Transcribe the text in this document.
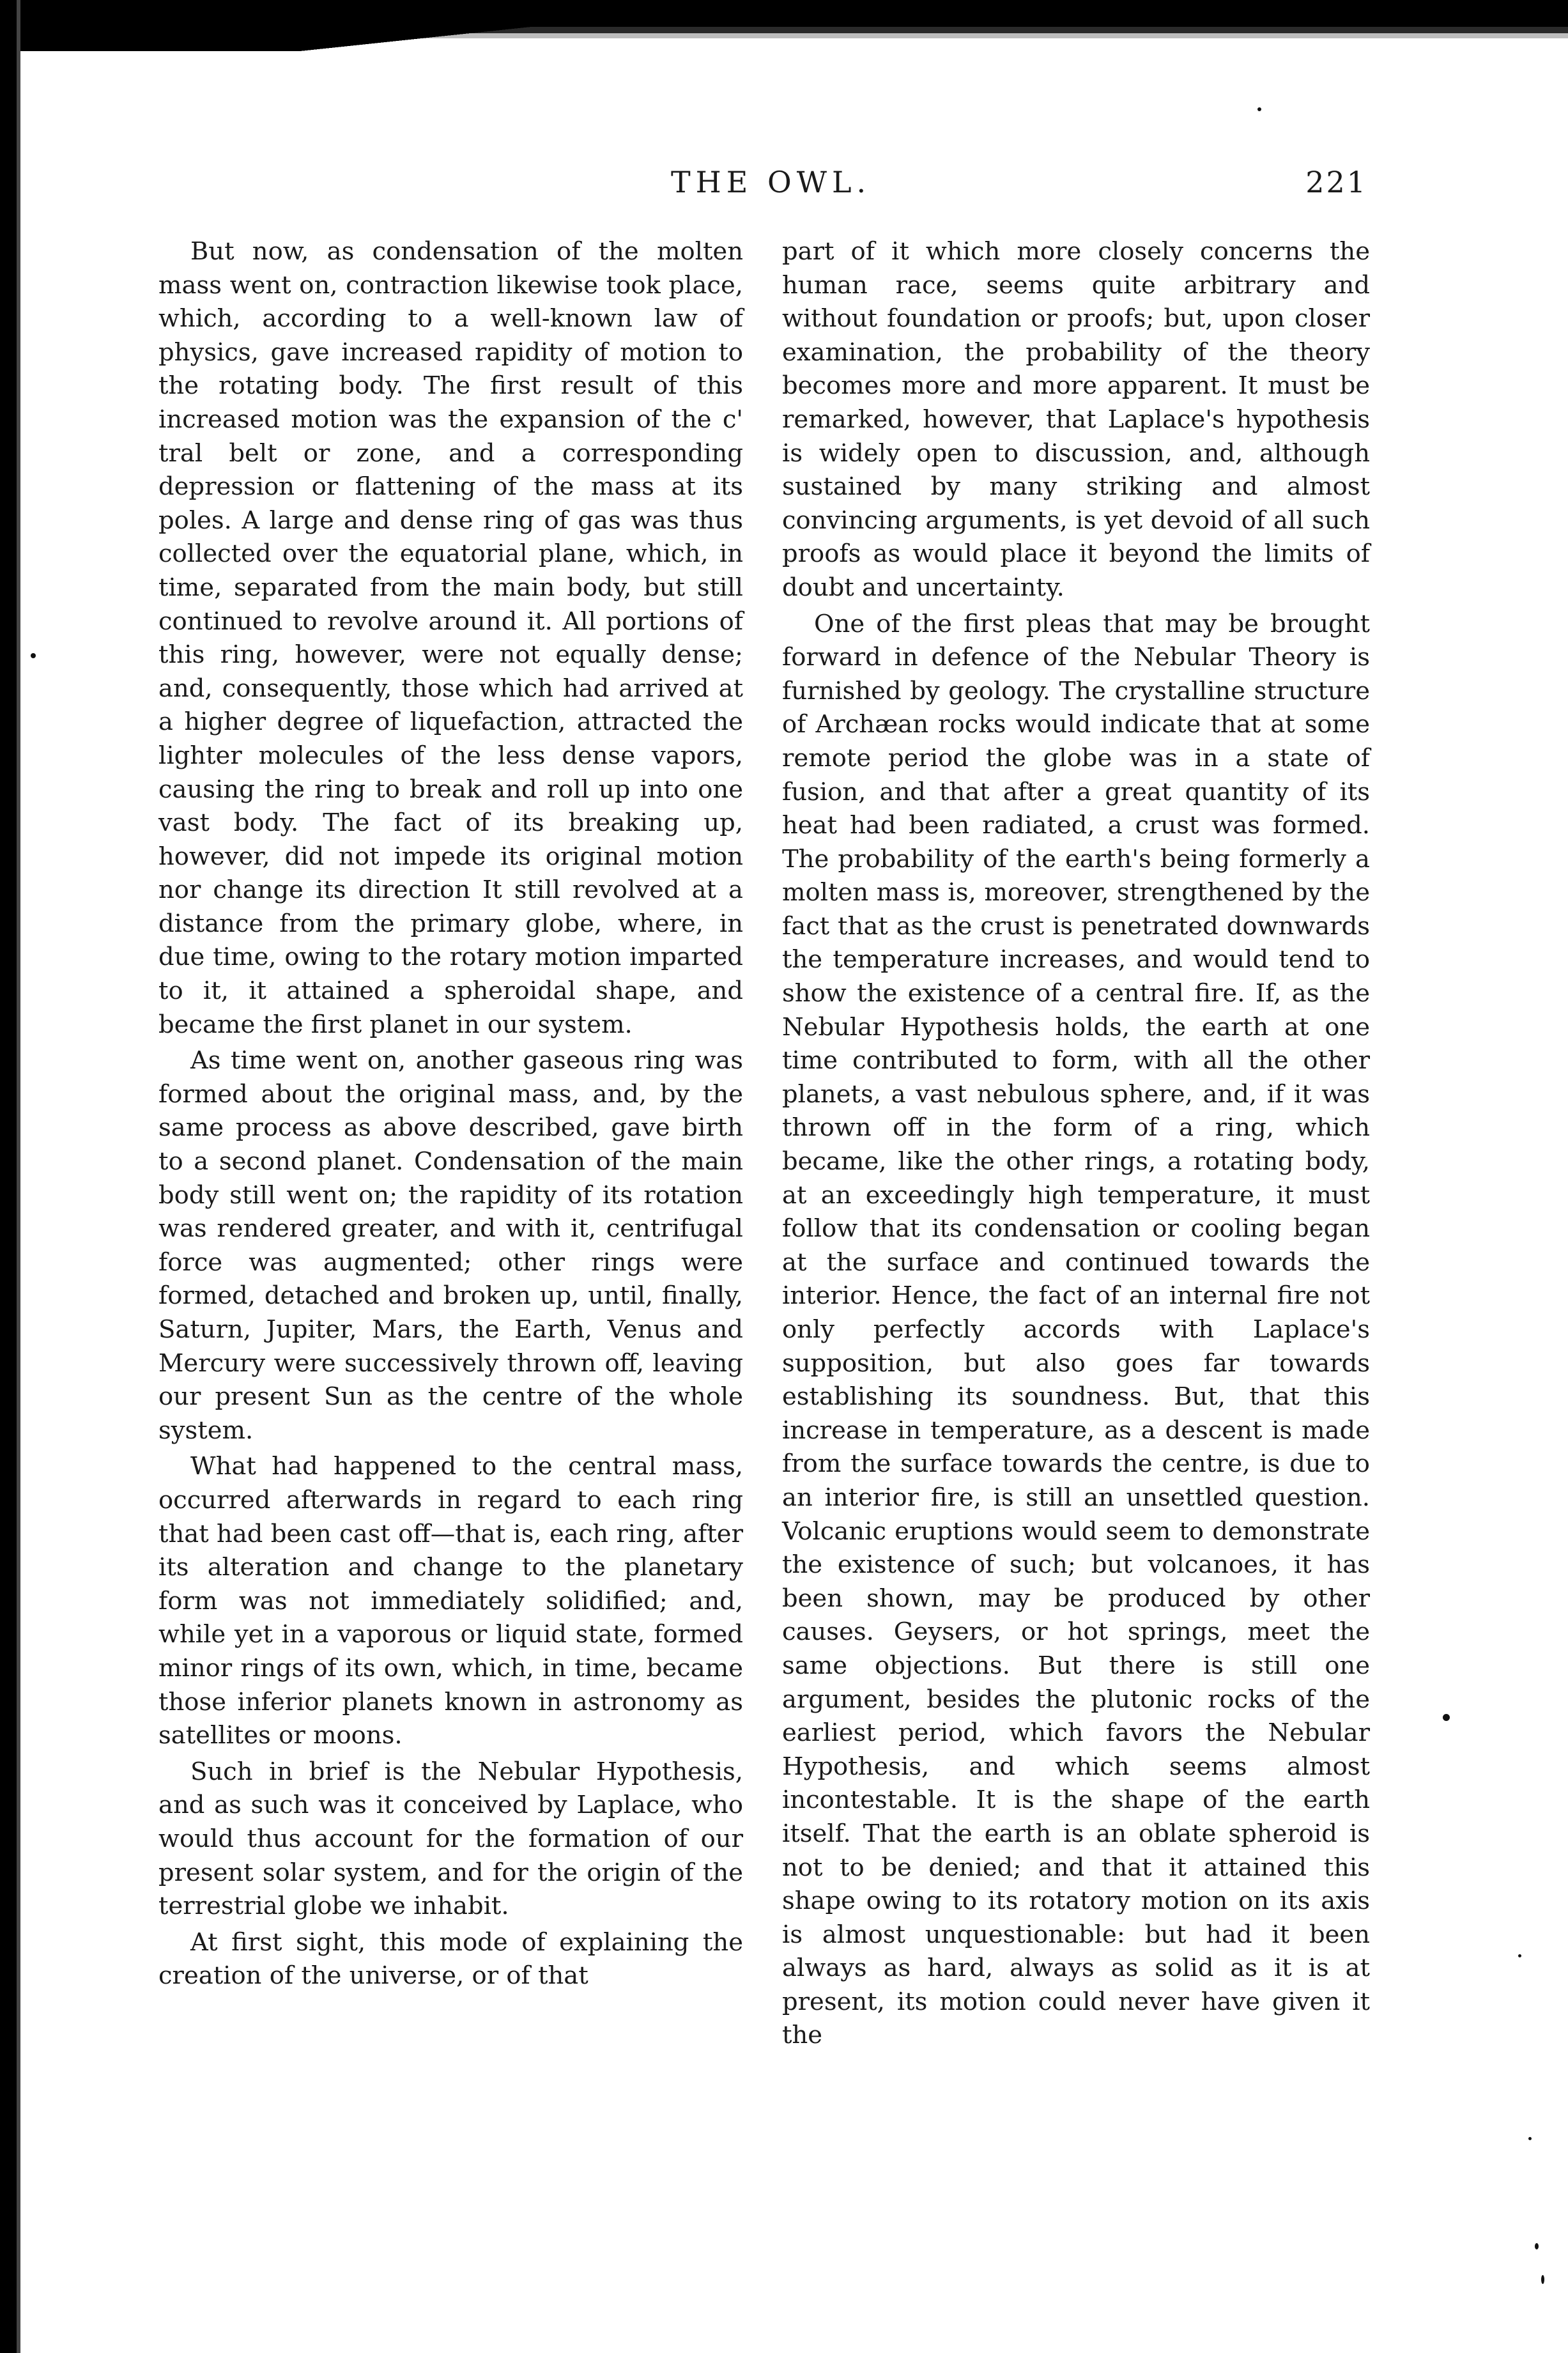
THE OWL.	221

But now, as condensation of the molten mass went on, contraction likewise took place, which, according to a well-known law of physics, gave increased rapidity of motion to the rotating body. The first result of this increased motion was the expansion of the c' tral belt or zone, and a corresponding depression or flattening of the mass at its poles. A large and dense ring of gas was thus collected over the equatorial plane, which, in time, separated from the main body, but still continued to revolve around it. All portions of this ring, however, were not equally dense; and, consequently, those which had arrived at a higher degree of liquefaction, attracted the lighter molecules of the less dense vapors, causing the ring to break and roll up into one vast body. The fact of its breaking up, however, did not impede its original motion nor change its direction It still revolved at a distance from the primary globe, where, in due time, owing to the rotary motion imparted to it, it attained a spheroidal shape, and became the first planet in our system.

As time went on, another gaseous ring was formed about the original mass, and, by the same process as above described, gave birth to a second planet. Condensation of the main body still went on; the rapidity of its rotation was rendered greater, and with it, centrifugal force was augmented; other rings were formed, detached and broken up, until, finally, Saturn, Jupiter, Mars, the Earth, Venus and Mercury were successively thrown off, leaving our present Sun as the centre of the whole system.

What had happened to the central mass, occurred afterwards in regard to each ring that had been cast off—that is, each ring, after its alteration and change to the planetary form was not immediately solidified; and, while yet in a vaporous or liquid state, formed minor rings of its own, which, in time, became those inferior planets known in astronomy as satellites or moons.

Such in brief is the Nebular Hypothesis, and as such was it conceived by Laplace, who would thus account for the formation of our present solar system, and for the origin of the terrestrial globe we inhabit.

At first sight, this mode of explaining the creation of the universe, or of that

part of it which more closely concerns the human race, seems quite arbitrary and without foundation or proofs; but, upon closer examination, the probability of the theory becomes more and more apparent. It must be remarked, however, that Laplace's hypothesis is widely open to discussion, and, although sustained by many striking and almost convincing arguments, is yet devoid of all such proofs as would place it beyond the limits of doubt and uncertainty.

One of the first pleas that may be brought forward in defence of the Nebular Theory is furnished by geology. The crystalline structure of Archæan rocks would indicate that at some remote period the globe was in a state of fusion, and that after a great quantity of its heat had been radiated, a crust was formed. The probability of the earth's being formerly a molten mass is, moreover, strengthened by the fact that as the crust is penetrated downwards the temperature increases, and would tend to show the existence of a central fire. If, as the Nebular Hypothesis holds, the earth at one time contributed to form, with all the other planets, a vast nebulous sphere, and, if it was thrown off in the form of a ring, which became, like the other rings, a rotating body, at an exceedingly high temperature, it must follow that its condensation or cooling began at the surface and continued towards the interior. Hence, the fact of an internal fire not only perfectly accords with Laplace's supposition, but also goes far towards establishing its soundness. But, that this increase in temperature, as a descent is made from the surface towards the centre, is due to an interior fire, is still an unsettled question. Volcanic eruptions would seem to demonstrate the existence of such; but volcanoes, it has been shown, may be produced by other causes. Geysers, or hot springs, meet the same objections. But there is still one argument, besides the plutonic rocks of the earliest period, which favors the Nebular Hypothesis, and which seems almost incontestable. It is the shape of the earth itself. That the earth is an oblate spheroid is not to be denied; and that it attained this shape owing to its rotatory motion on its axis is almost unquestionable: but had it been always as hard, always as solid as it is at present, its motion could never have given it the
